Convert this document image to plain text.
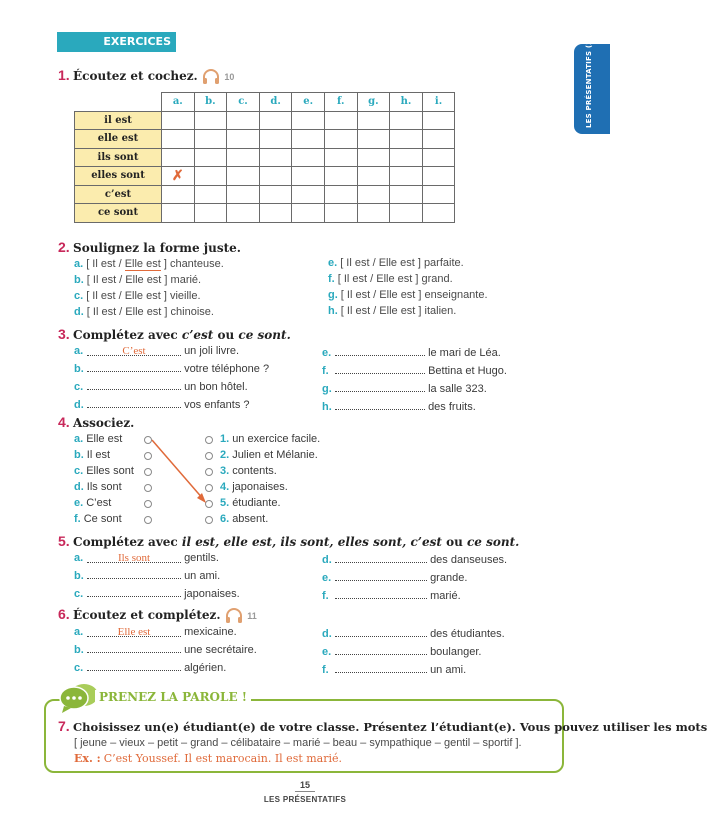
EXERCICES	LES PRÉSENTATIFS (2)
1. Écoutez et cochez.	10
	a.	b.	c.	d.	e.	f.	g.	h.	i.
il est									
elle est									
ils sont									
elles sont	✗								
c’est									
ce sont									
2. Soulignez la forme juste.
a. [ Il est / Elle est ] chanteuse.
b. [ Il est / Elle est ] marié.
c. [ Il est / Elle est ] vieille.
d. [ Il est / Elle est ] chinoise.
e. [ Il est / Elle est ] parfaite.
f. [ Il est / Elle est ] grand.
g. [ Il est / Elle est ] enseignante.
h. [ Il est / Elle est ] italien.
3. Complétez avec c’est ou ce sont.
a.	C’est	un joli livre.
b.	votre téléphone ?
c.	un bon hôtel.
d.	vos enfants ?
e.	le mari de Léa.
f.	Bettina et Hugo.
g.	la salle 323.
h.	des fruits.
4. Associez.
a. Elle est
b. Il est
c. Elles sont
d. Ils sont
e. C’est
f. Ce sont
1. un exercice facile.
2. Julien et Mélanie.
3. contents.
4. japonaises.
5. étudiante.
6. absent.
5. Complétez avec il est, elle est, ils sont, elles sont, c’est ou ce sont.
a.	Ils sont	gentils.
b.	un ami.
c.	japonaises.
d.	des danseuses.
e.	grande.
f.	marié.
6. Écoutez et complétez.	11
a.	Elle est	mexicaine.
b.	une secrétaire.
c.	algérien.
d.	des étudiantes.
e.	boulanger.
f.	un ami.
PRENEZ LA PAROLE !
7. Choisissez un(e) étudiant(e) de votre classe. Présentez l’étudiant(e). Vous pouvez utiliser les mots
[ jeune – vieux – petit – grand – célibataire – marié – beau – sympathique – gentil – sportif ].
Ex. : C’est Youssef. Il est marocain. Il est marié.
15
LES PRÉSENTATIFS
